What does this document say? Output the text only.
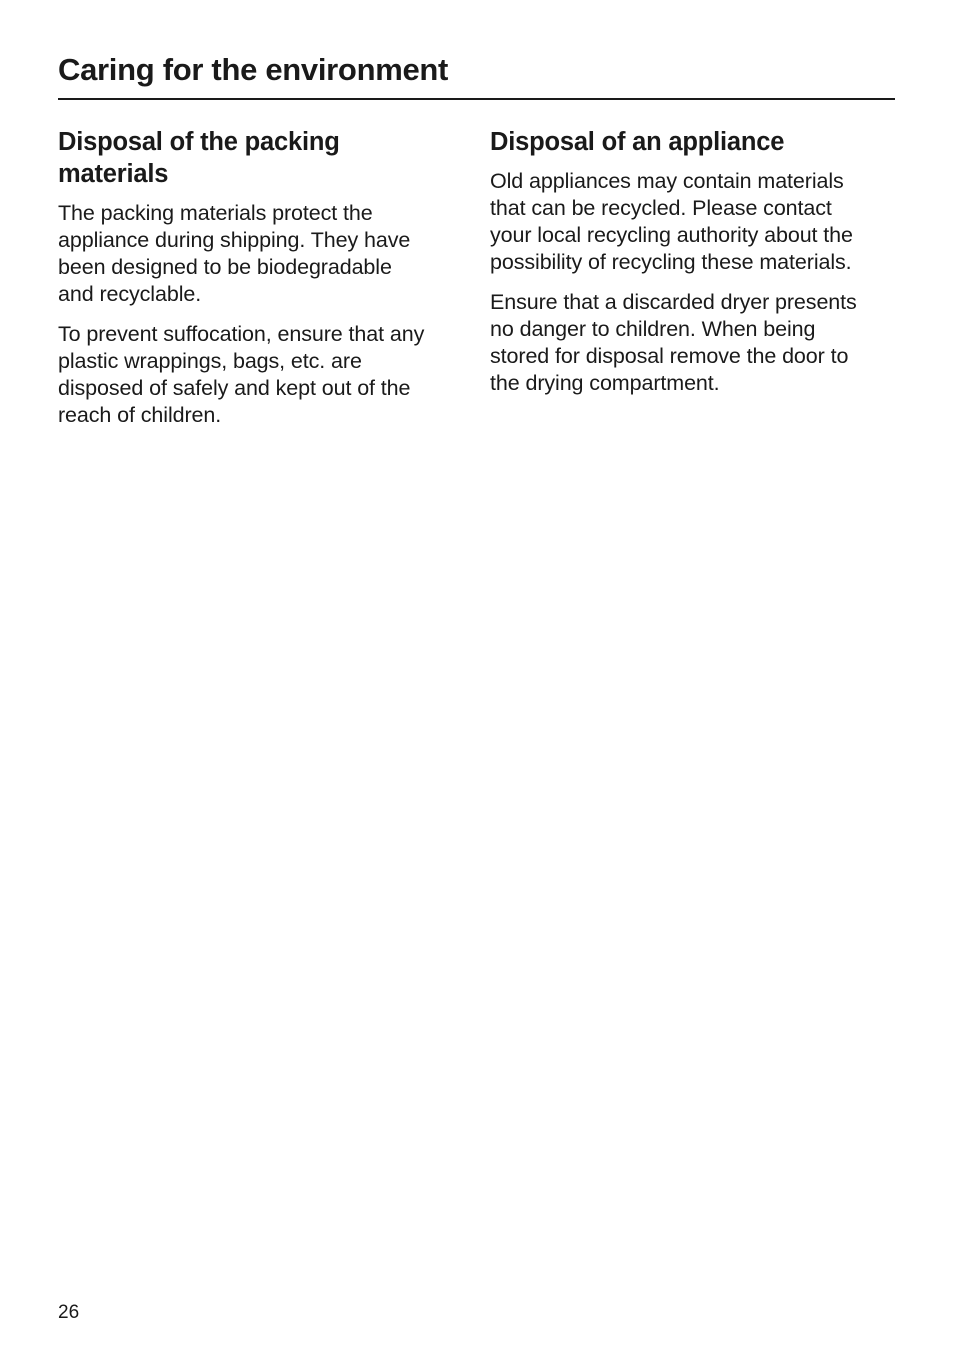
Caring for the environment
Disposal of the packing
materials

The packing materials protect the
appliance during shipping. They have
been designed to be biodegradable
and recyclable.

To prevent suffocation, ensure that any
plastic wrappings, bags, etc. are
disposed of safely and kept out of the
reach of children.

Disposal of an appliance

Old appliances may contain materials
that can be recycled. Please contact
your local recycling authority about the
possibility of recycling these materials.

Ensure that a discarded dryer presents
no danger to children. When being
stored for disposal remove the door to
the drying compartment.

26
